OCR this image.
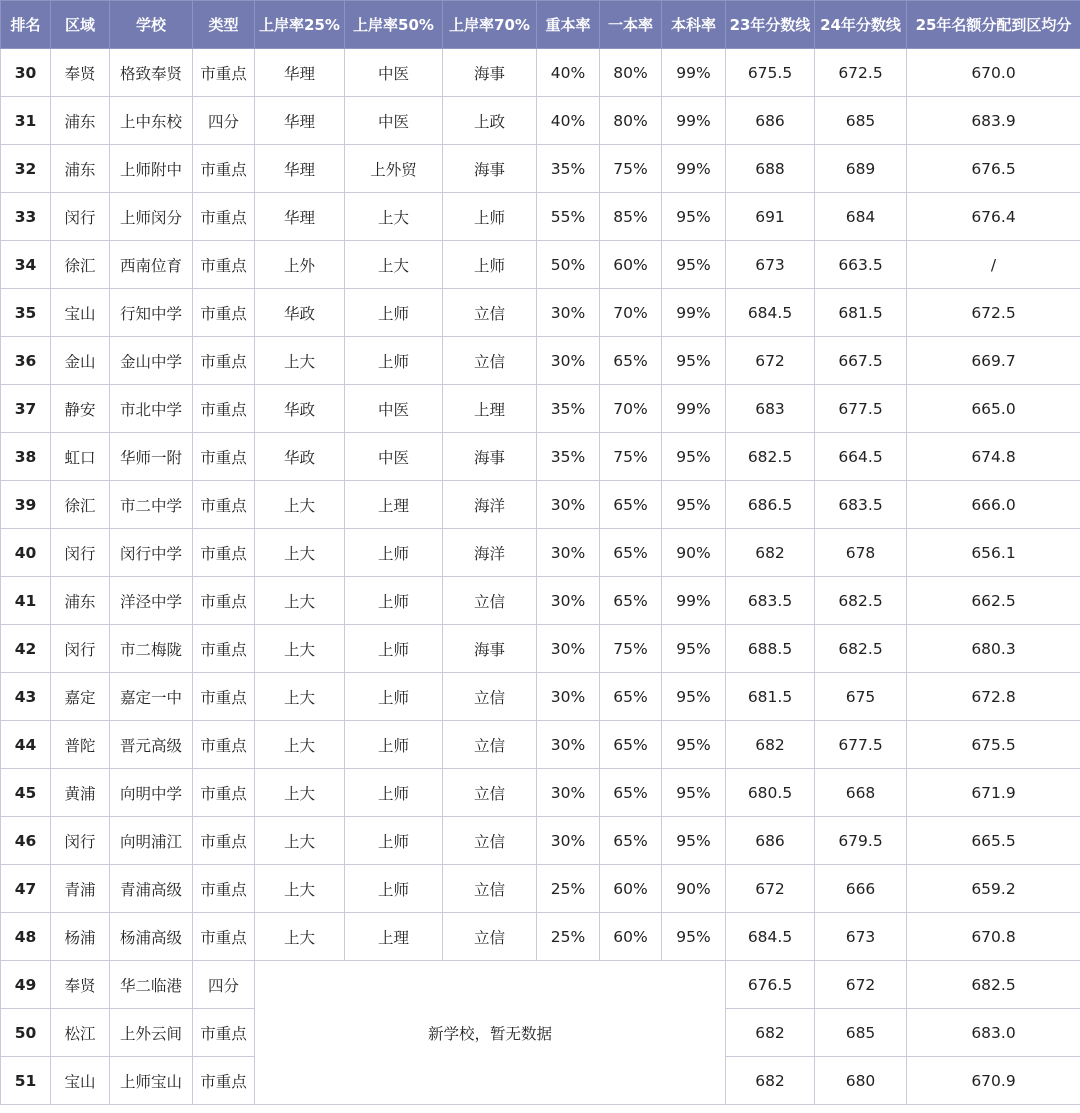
排名	区域	学校	类型	上岸率25%	上岸率50%	上岸率70%	重本率	一本率	本科率	23年分数线	24年分数线	25年名额分配到区均分
30	奉贤	格致奉贤	市重点	华理	中医	海事	40%	80%	99%	675.5	672.5	670.0
31	浦东	上中东校	四分	华理	中医	上政	40%	80%	99%	686	685	683.9
32	浦东	上师附中	市重点	华理	上外贸	海事	35%	75%	99%	688	689	676.5
33	闵行	上师闵分	市重点	华理	上大	上师	55%	85%	95%	691	684	676.4
34	徐汇	西南位育	市重点	上外	上大	上师	50%	60%	95%	673	663.5	/
35	宝山	行知中学	市重点	华政	上师	立信	30%	70%	99%	684.5	681.5	672.5
36	金山	金山中学	市重点	上大	上师	立信	30%	65%	95%	672	667.5	669.7
37	静安	市北中学	市重点	华政	中医	上理	35%	70%	99%	683	677.5	665.0
38	虹口	华师一附	市重点	华政	中医	海事	35%	75%	95%	682.5	664.5	674.8
39	徐汇	市二中学	市重点	上大	上理	海洋	30%	65%	95%	686.5	683.5	666.0
40	闵行	闵行中学	市重点	上大	上师	海洋	30%	65%	90%	682	678	656.1
41	浦东	洋泾中学	市重点	上大	上师	立信	30%	65%	99%	683.5	682.5	662.5
42	闵行	市二梅陇	市重点	上大	上师	海事	30%	75%	95%	688.5	682.5	680.3
43	嘉定	嘉定一中	市重点	上大	上师	立信	30%	65%	95%	681.5	675	672.8
44	普陀	晋元高级	市重点	上大	上师	立信	30%	65%	95%	682	677.5	675.5
45	黄浦	向明中学	市重点	上大	上师	立信	30%	65%	95%	680.5	668	671.9
46	闵行	向明浦江	市重点	上大	上师	立信	30%	65%	95%	686	679.5	665.5
47	青浦	青浦高级	市重点	上大	上师	立信	25%	60%	90%	672	666	659.2
48	杨浦	杨浦高级	市重点	上大	上理	立信	25%	60%	95%	684.5	673	670.8
49	奉贤	华二临港	四分	新学校，暂无数据						676.5	672	682.5
50	松江	上外云间	市重点							682	685	683.0
51	宝山	上师宝山	市重点							682	680	670.9
